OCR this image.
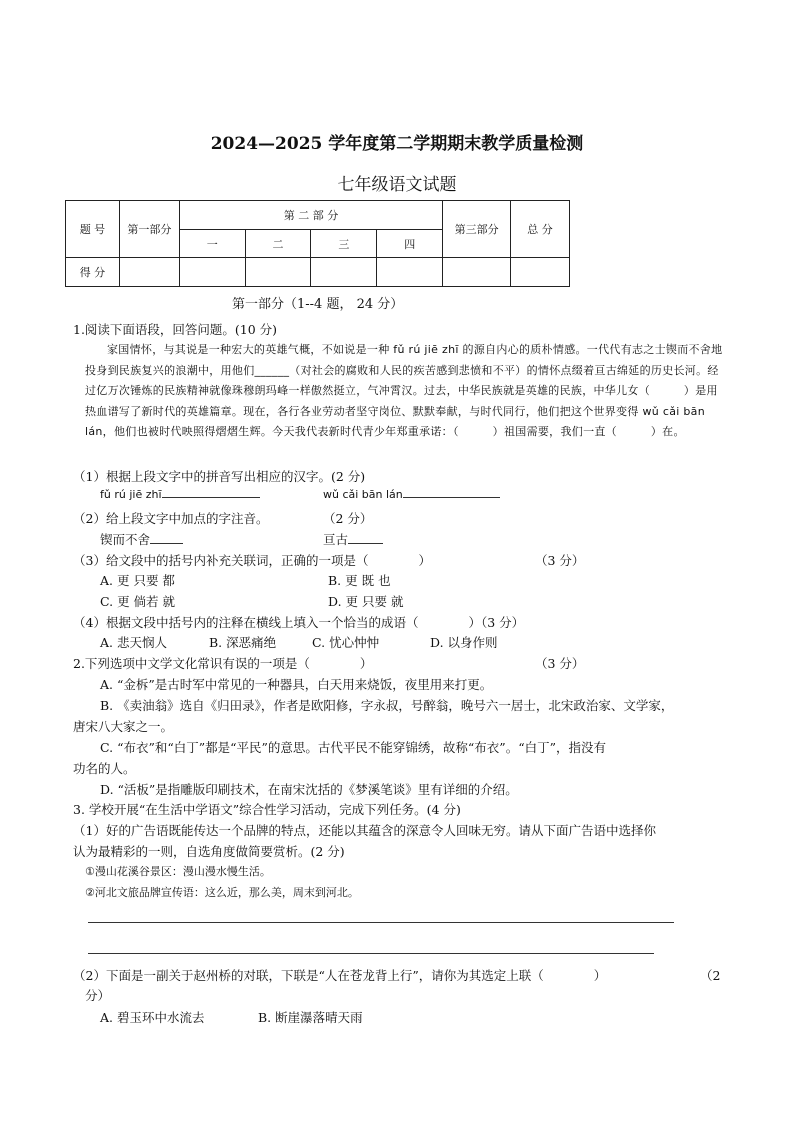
2024—2025 学年度第二学期期末教学质量检测
七年级语文试题
题 号	第一部分	第 二 部 分				第三部分	总 分
		一	二	三	四		
得 分							
第一部分（1--4 题， 24 分）
1.阅读下面语段，回答问题。(10 分)

家国情怀，与其说是一种宏大的英雄气概，不如说是一种 fǔ rú jiē zhī 的源自内心的质朴情感。一代代有志之士锲而不舍地投身到民族复兴的浪潮中，用他们______（对社会的腐败和人民的疾苦感到悲愤和不平）的情怀点缀着亘古绵延的历史长河。经过亿万次锤炼的民族精神就像珠穆朗玛峰一样傲然挺立，气冲霄汉。过去，中华民族就是英雄的民族，中华儿女（　　　）是用热血谱写了新时代的英雄篇章。现在，各行各业劳动者坚守岗位、默默奉献，与时代同行，他们把这个世界变得 wǔ cǎi bān lán，他们也被时代映照得熠熠生辉。今天我代表新时代青少年郑重承诺：（　　　）祖国需要，我们一直（　　　）在。

（1）根据上段文字中的拼音写出相应的汉字。(2 分)
fǔ rú jiē zhī	wǔ cǎi bān lán
（2）给上段文字中加点的字注音。	（2 分）
锲而不舍	亘古
（3）给文段中的括号内补充关联词，正确的一项是（　　　　）	（3 分）
A. 更 只要 都	B. 更 既 也
C. 更 倘若 就	D. 更 只要 就
（4）根据文段中括号内的注释在横线上填入一个恰当的成语（　　　　）（3 分）
A. 悲天悯人	B. 深恶痛绝	C. 忧心忡忡	D. 以身作则
2.下列选项中文学文化常识有误的一项是（　　　　）	（3 分）
A. “金柝”是古时军中常见的一种器具，白天用来烧饭，夜里用来打更。
B. 《卖油翁》选自《归田录》，作者是欧阳修，字永叔，号醉翁，晚号六一居士，北宋政治家、文学家，
唐宋八大家之一。
C. “布衣”和“白丁”都是“平民”的意思。古代平民不能穿锦绣，故称“布衣”。“白丁”，指没有
功名的人。
D. “活板”是指雕版印刷技术，在南宋沈括的《梦溪笔谈》里有详细的介绍。
3. 学校开展“在生活中学语文”综合性学习活动，完成下列任务。(4 分)
（1）好的广告语既能传达一个品牌的特点，还能以其蕴含的深意令人回味无穷。请从下面广告语中选择你
认为最精彩的一则，自选角度做简要赏析。(2 分)
①漫山花溪谷景区：漫山漫水慢生活。
②河北文旅品牌宣传语：这么近，那么美，周末到河北。
（2）下面是一副关于赵州桥的对联，下联是“人在苍龙背上行”，请你为其选定上联（　　　　）	（2
分）
A. 碧玉环中水流去	B. 断崖瀑落晴天雨
